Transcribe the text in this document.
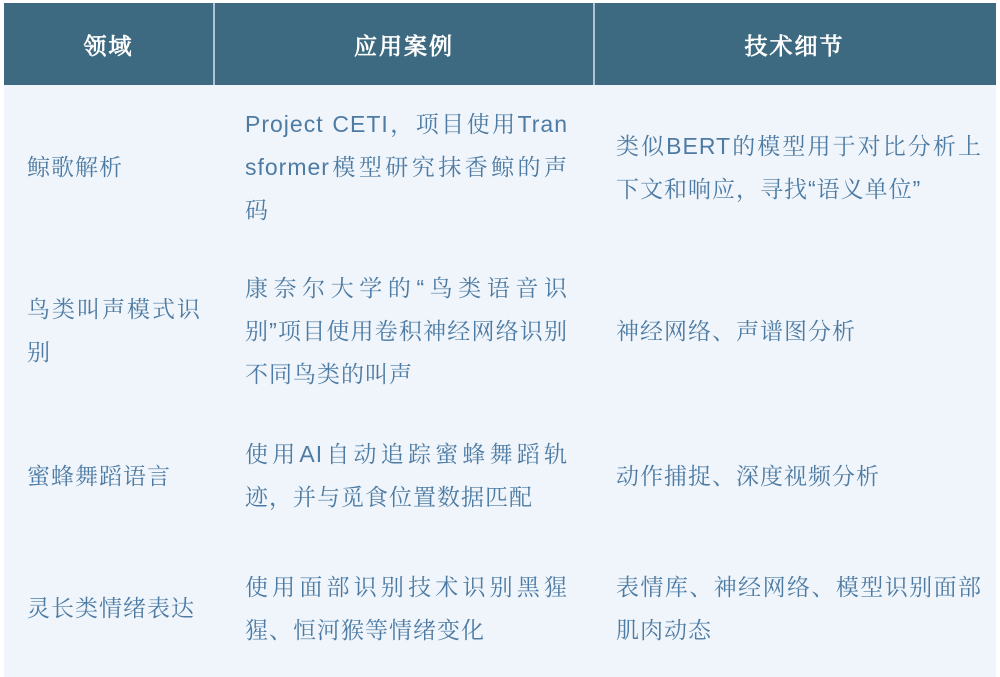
领域	应用案例	技术细节
鲸歌解析
Project CETI，项目使用Transformer模型研究抹香鲸的声码
类似BERT的模型用于对比分析上下文和响应，寻找“语义单位”
鸟类叫声模式识别
康奈尔大学的“鸟类语音识别”项目使用卷积神经网络识别不同鸟类的叫声
神经网络、声谱图分析
蜜蜂舞蹈语言
使用AI自动追踪蜜蜂舞蹈轨迹，并与觅食位置数据匹配
动作捕捉、深度视频分析
灵长类情绪表达
使用面部识别技术识别黑猩猩、恒河猴等情绪变化
表情库、神经网络、模型识别面部肌肉动态
